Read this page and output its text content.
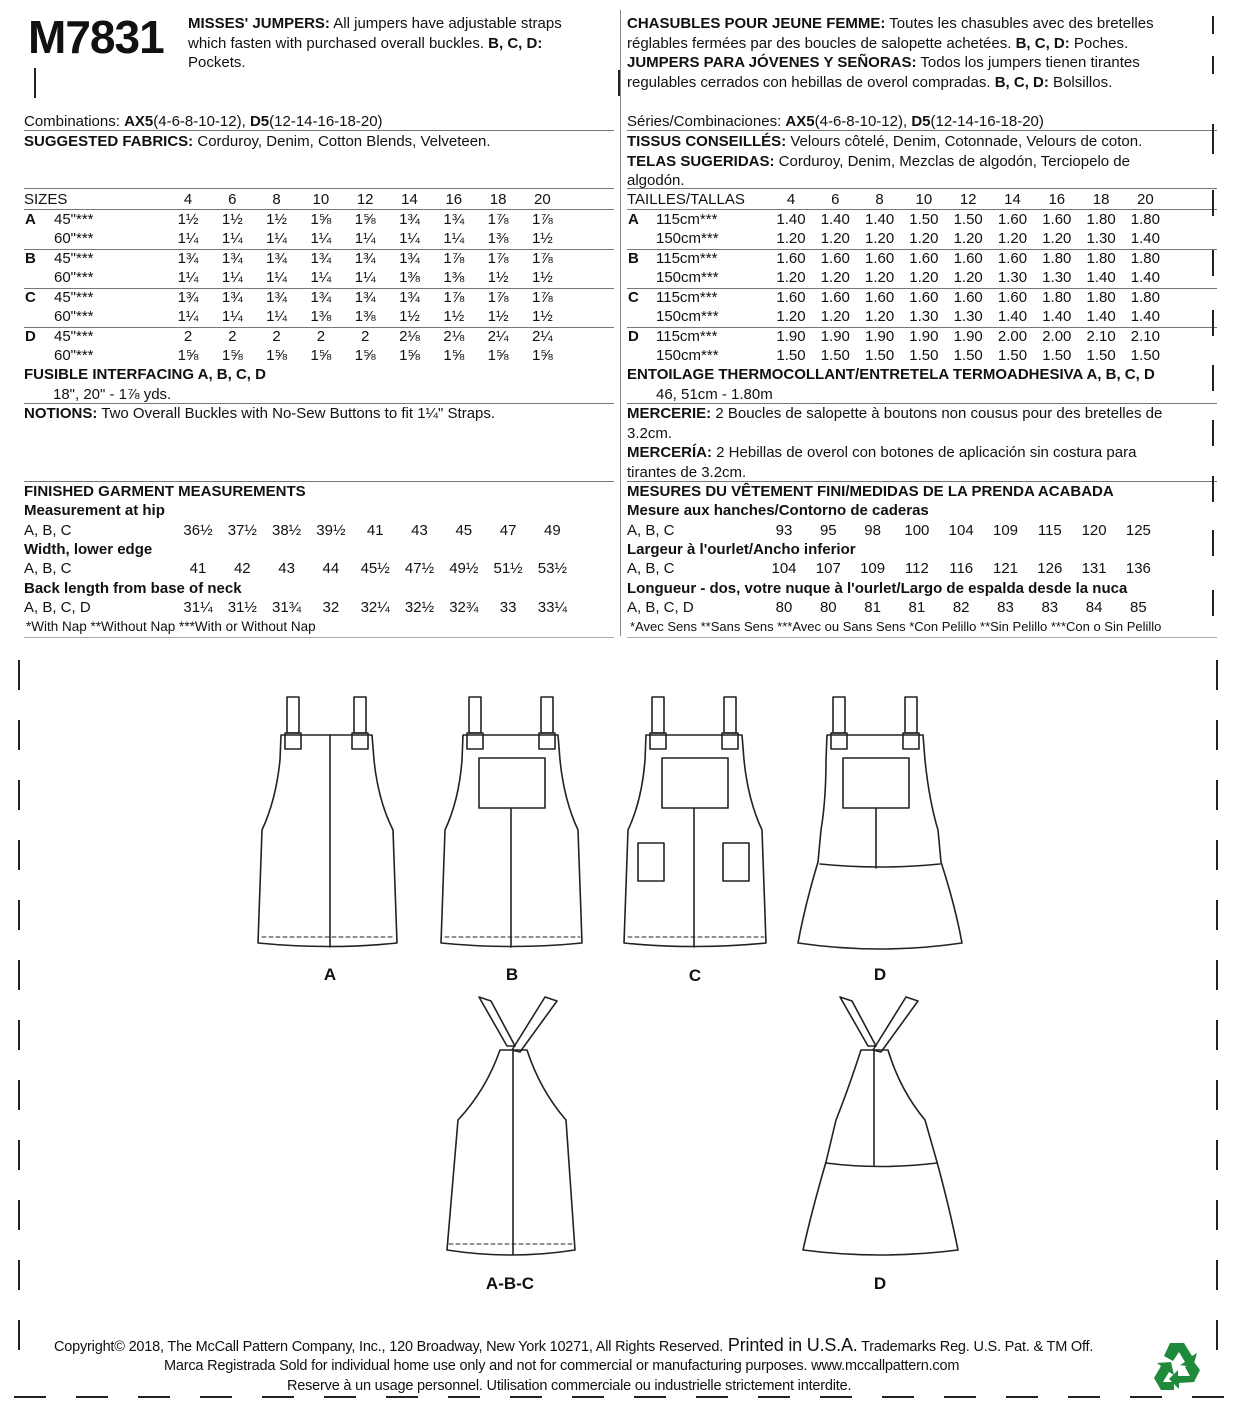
M7831 MISSES' JUMPERS: All jumpers have adjustable straps
which fasten with purchased overall buckles. B, C, D:
Pockets.
CHASUBLES POUR JEUNE FEMME: Toutes les chasubles avec des bretelles
réglables fermées par des boucles de salopette achetées. B, C, D: Poches.
JUMPERS PARA JÓVENES Y SEÑORAS: Todos los jumpers tienen tirantes
regulables cerrados con hebillas de overol compradas. B, C, D: Bolsillos.
Combinations: AX5(4-6-8-10-12), D5(12-14-16-18-20)
SUGGESTED FABRICS: Corduroy, Denim, Cotton Blends, Velveteen.
Séries/Combinaciones: AX5(4-6-8-10-12), D5(12-14-16-18-20)
TISSUS CONSEILLÉS: Velours côtelé, Denim, Cotonnade, Velours de coton.
TELAS SUGERIDAS: Corduroy, Denim, Mezclas de algodón, Terciopelo de
algodón.
SIZES	4	6	8	10	12	14	16	18	20
A 45"***	1½	1½	1½	1⅝	1⅝	1¾	1¾	1⅞	1⅞
60"***	1¼	1¼	1¼	1¼	1¼	1¼	1¼	1⅜	1½
B 45"***	1¾	1¾	1¾	1¾	1¾	1¾	1⅞	1⅞	1⅞
60"***	1¼	1¼	1¼	1¼	1¼	1⅜	1⅜	1½	1½
C 45"***	1¾	1¾	1¾	1¾	1¾	1¾	1⅞	1⅞	1⅞
60"***	1¼	1¼	1¼	1⅜	1⅜	1½	1½	1½	1½
D 45"***	2	2	2	2	2	2⅛	2⅛	2¼	2¼
60"***	1⅝	1⅝	1⅝	1⅝	1⅝	1⅝	1⅝	1⅝	1⅝
TAILLES/TALLAS	4	6	8	10	12	14	16	18	20
A 115cm***	1.40	1.40	1.40	1.50	1.50	1.60	1.60	1.80	1.80
150cm***	1.20	1.20	1.20	1.20	1.20	1.20	1.20	1.30	1.40
B 115cm***	1.60	1.60	1.60	1.60	1.60	1.60	1.80	1.80	1.80
150cm***	1.20	1.20	1.20	1.20	1.20	1.30	1.30	1.40	1.40
C 115cm***	1.60	1.60	1.60	1.60	1.60	1.60	1.80	1.80	1.80
150cm***	1.20	1.20	1.20	1.30	1.30	1.40	1.40	1.40	1.40
D 115cm***	1.90	1.90	1.90	1.90	1.90	2.00	2.00	2.10	2.10
150cm***	1.50	1.50	1.50	1.50	1.50	1.50	1.50	1.50	1.50
FUSIBLE INTERFACING A, B, C, D
18", 20" - 1⅞ yds.
NOTIONS: Two Overall Buckles with No-Sew Buttons to fit 1¼" Straps.
ENTOILAGE THERMOCOLLANT/ENTRETELA TERMOADHESIVA A, B, C, D
46, 51cm - 1.80m
MERCERIE: 2 Boucles de salopette à boutons non cousus pour des bretelles de
3.2cm.
MERCERÍA: 2 Hebillas de overol con botones de aplicación sin costura para
tirantes de 3.2cm.
FINISHED GARMENT MEASUREMENTS
Measurement at hip
A, B, C	36½	37½	38½	39½	41	43	45	47	49
Width, lower edge
A, B, C	41	42	43	44	45½	47½	49½	51½	53½
Back length from base of neck
A, B, C, D	31¼	31½	31¾	32	32¼	32½	32¾	33	33¼
*With Nap **Without Nap ***With or Without Nap
MESURES DU VÊTEMENT FINI/MEDIDAS DE LA PRENDA ACABADA
Mesure aux hanches/Contorno de caderas
A, B, C	93	95	98	100	104	109	115	120	125
Largeur à l'ourlet/Ancho inferior
A, B, C	104	107	109	112	116	121	126	131	136
Longueur - dos, votre nuque à l'ourlet/Largo de espalda desde la nuca
A, B, C, D	80	80	81	81	82	83	83	84	85
*Avec Sens **Sans Sens ***Avec ou Sans Sens *Con Pelillo **Sin Pelillo ***Con o Sin Pelillo
A	B	C	D
A-B-C	D
Copyright© 2018, The McCall Pattern Company, Inc., 120 Broadway, New York 10271, All Rights Reserved. Printed in U.S.A. Trademarks Reg. U.S. Pat. & TM Off.
Marca Registrada Sold for individual home use only and not for commercial or manufacturing purposes. www.mccallpattern.com
Reserve à un usage personnel. Utilisation commerciale ou industrielle strictement interdite.
